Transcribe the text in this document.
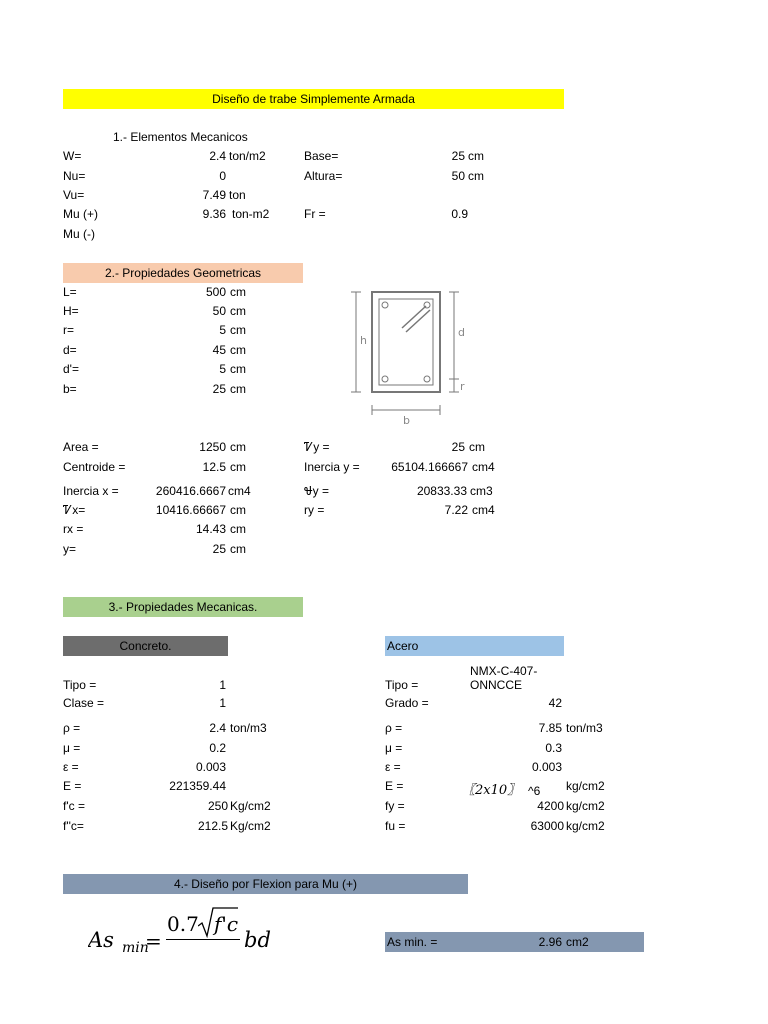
Diseño de trabe Simplemente Armada
1.- Elementos Mecanicos
W=	2.4 ton/m2
Nu=	0
Vu=	7.49 ton
Mu (+)	9.36 ton-m2
Mu (-)
Base=	25 cm
Altura=	50 cm
Fr =	0.9
2.- Propiedades Geometricas
L=	500 cm
H=	50 cm
r=	5 cm
d=	45 cm
d'=	5 cm
b=	25 cm
h
d
r
b
Area =	1250 cm
Centroide =	12.5 cm
Inercia x =	260416.6667 cm4
Ꮴx=	10416.66667 cm
rx =	14.43 cm
y=	25 cm
Ꮴy =	25 cm
Inercia y =	65104.166667 cm4
Ꮰy =	20833.33 cm3
ry =	7.22 cm4
3.- Propiedades Mecanicas.
Concreto.	Acero
Tipo =	1
Clase =	1
ρ =	2.4 ton/m3
μ =	0.2
ε =	0.003
E =	221359.44
f'c =	250 Kg/cm2
f''c=	212.5 Kg/cm2
NMX-C-407-
Tipo =	ONNCCE
Grado =	42
ρ =	7.85 ton/m3
μ =	0.3
ε =	0.003
E =	〖2x10〗 ^6 kg/cm2
fy =	4200 kg/cm2
fu =	63000 kg/cm2
4.- Diseño por Flexion para Mu (+)
As min
=
0.7 f'c
bd	As min. =	2.96 cm2
